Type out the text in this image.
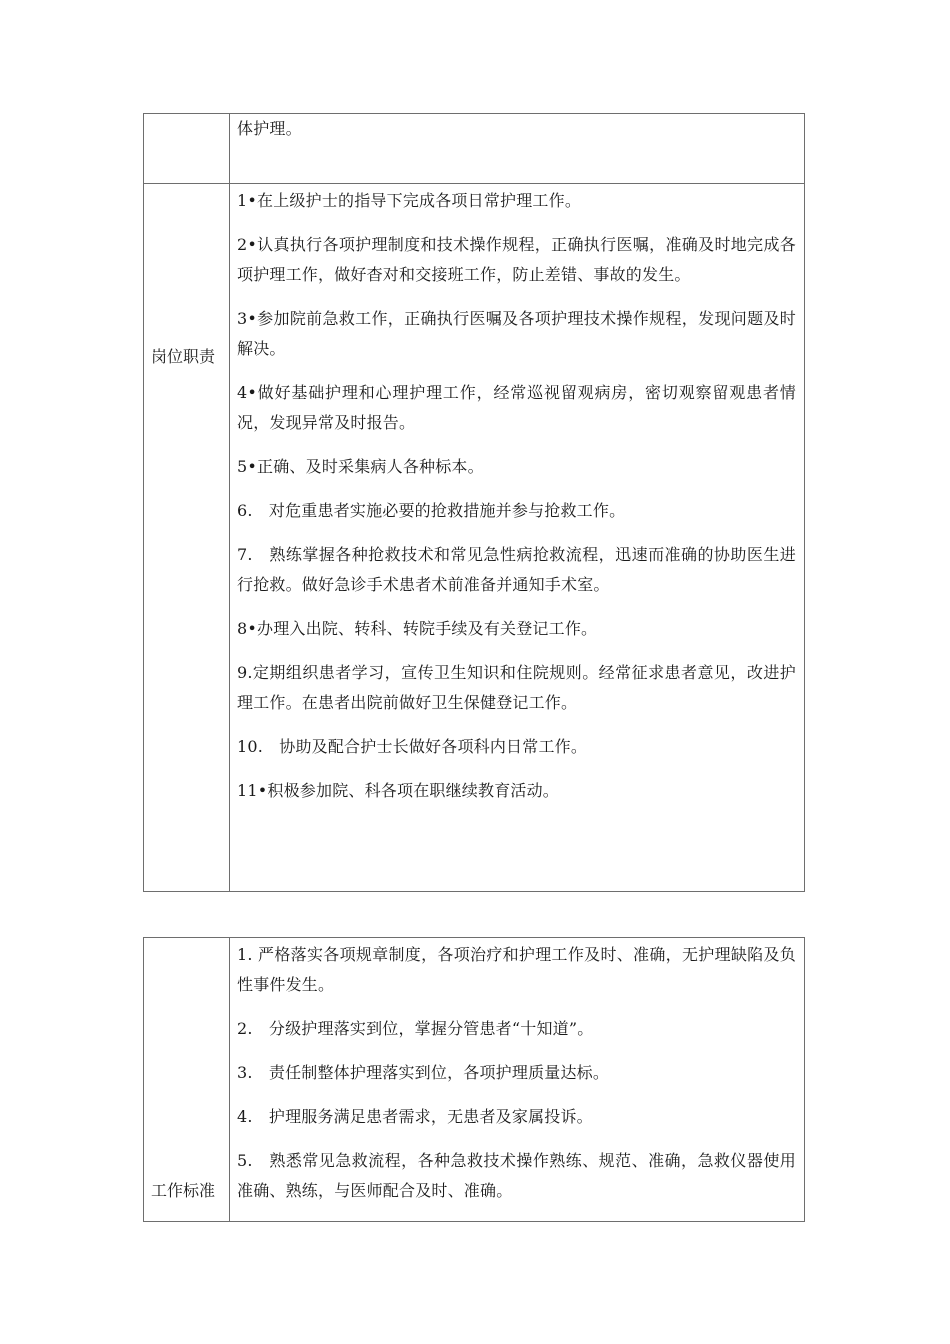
体护理。

岗位职责

1•在上级护士的指导下完成各项日常护理工作。

2•认真执行各项护理制度和技术操作规程，正确执行医嘱，准确及时地完成各项护理工作，做好杳对和交接班工作，防止差错、事故的发生。

3•参加院前急救工作，正确执行医嘱及各项护理技术操作规程，发现问题及时解决。

4•做好基础护理和心理护理工作，经常巡视留观病房，密切观察留观患者情况，发现异常及时报告。

5•正确、及时采集病人各种标本。

6.　对危重患者实施必要的抢救措施并参与抢救工作。

7.　熟练掌握各种抢救技术和常见急性病抢救流程，迅速而准确的协助医生进行抢救。做好急诊手术患者术前准备并通知手术室。

8•办理入出院、转科、转院手续及有关登记工作。

9.定期组织患者学习，宣传卫生知识和住院规则。经常征求患者意见，改进护理工作。在患者出院前做好卫生保健登记工作。

10.　协助及配合护士长做好各项科内日常工作。

11•积极参加院、科各项在职继续教育活动。

工作标准

1. 严格落实各项规章制度，各项治疗和护理工作及时、准确，无护理缺陷及负性事件发生。

2.　分级护理落实到位，掌握分管患者“十知道”。

3.　责任制整体护理落实到位，各项护理质量达标。

4.　护理服务满足患者需求，无患者及家属投诉。

5.　熟悉常见急救流程，各种急救技术操作熟练、规范、准确，急救仪器使用准确、熟练，与医师配合及时、准确。
